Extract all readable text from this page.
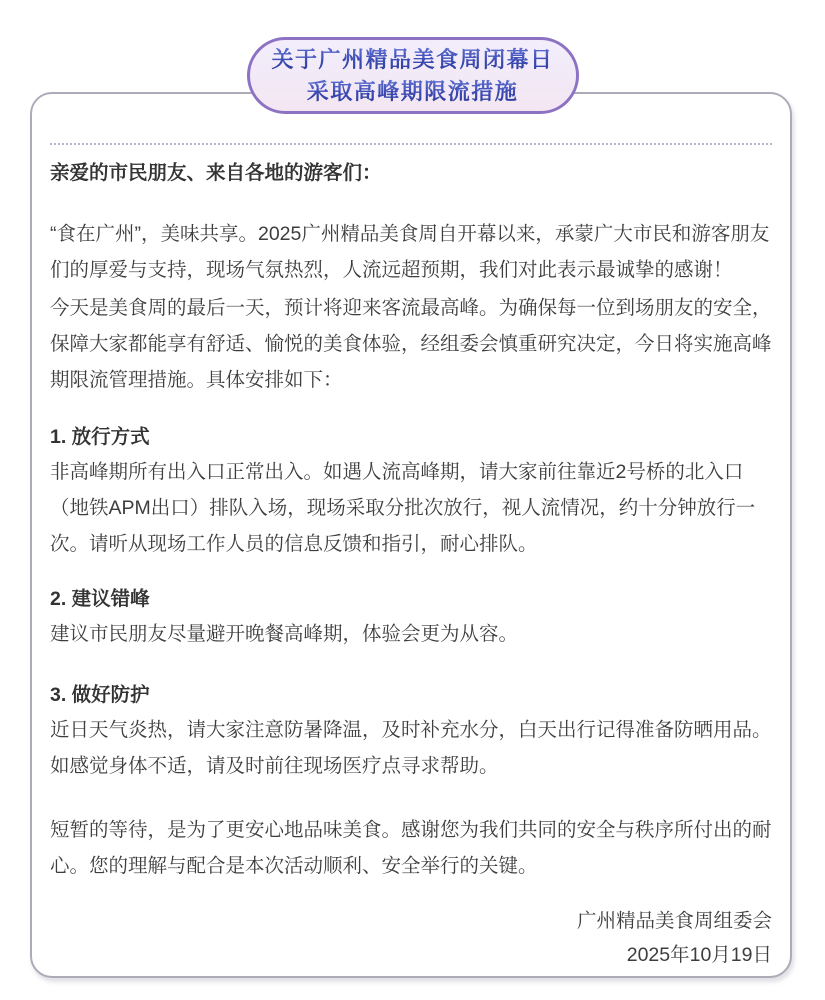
关于广州精品美食周闭幕日
采取高峰期限流措施
亲爱的市民朋友、来自各地的游客们：
“食在广州”，美味共享。2025广州精品美食周自开幕以来，承蒙广大市民和游客朋友们的厚爱与支持，现场气氛热烈，人流远超预期，我们对此表示最诚挚的感谢！
今天是美食周的最后一天，预计将迎来客流最高峰。为确保每一位到场朋友的安全，保障大家都能享有舒适、愉悦的美食体验，经组委会慎重研究决定，今日将实施高峰期限流管理措施。具体安排如下：
1. 放行方式
非高峰期所有出入口正常出入。如遇人流高峰期，请大家前往靠近2号桥的北入口（地铁APM出口）排队入场，现场采取分批次放行，视人流情况，约十分钟放行一次。请听从现场工作人员的信息反馈和指引，耐心排队。
2. 建议错峰
建议市民朋友尽量避开晚餐高峰期，体验会更为从容。
3. 做好防护
近日天气炎热，请大家注意防暑降温，及时补充水分，白天出行记得准备防晒用品。如感觉身体不适，请及时前往现场医疗点寻求帮助。
短暂的等待，是为了更安心地品味美食。感谢您为我们共同的安全与秩序所付出的耐心。您的理解与配合是本次活动顺利、安全举行的关键。
广州精品美食周组委会
2025年10月19日
